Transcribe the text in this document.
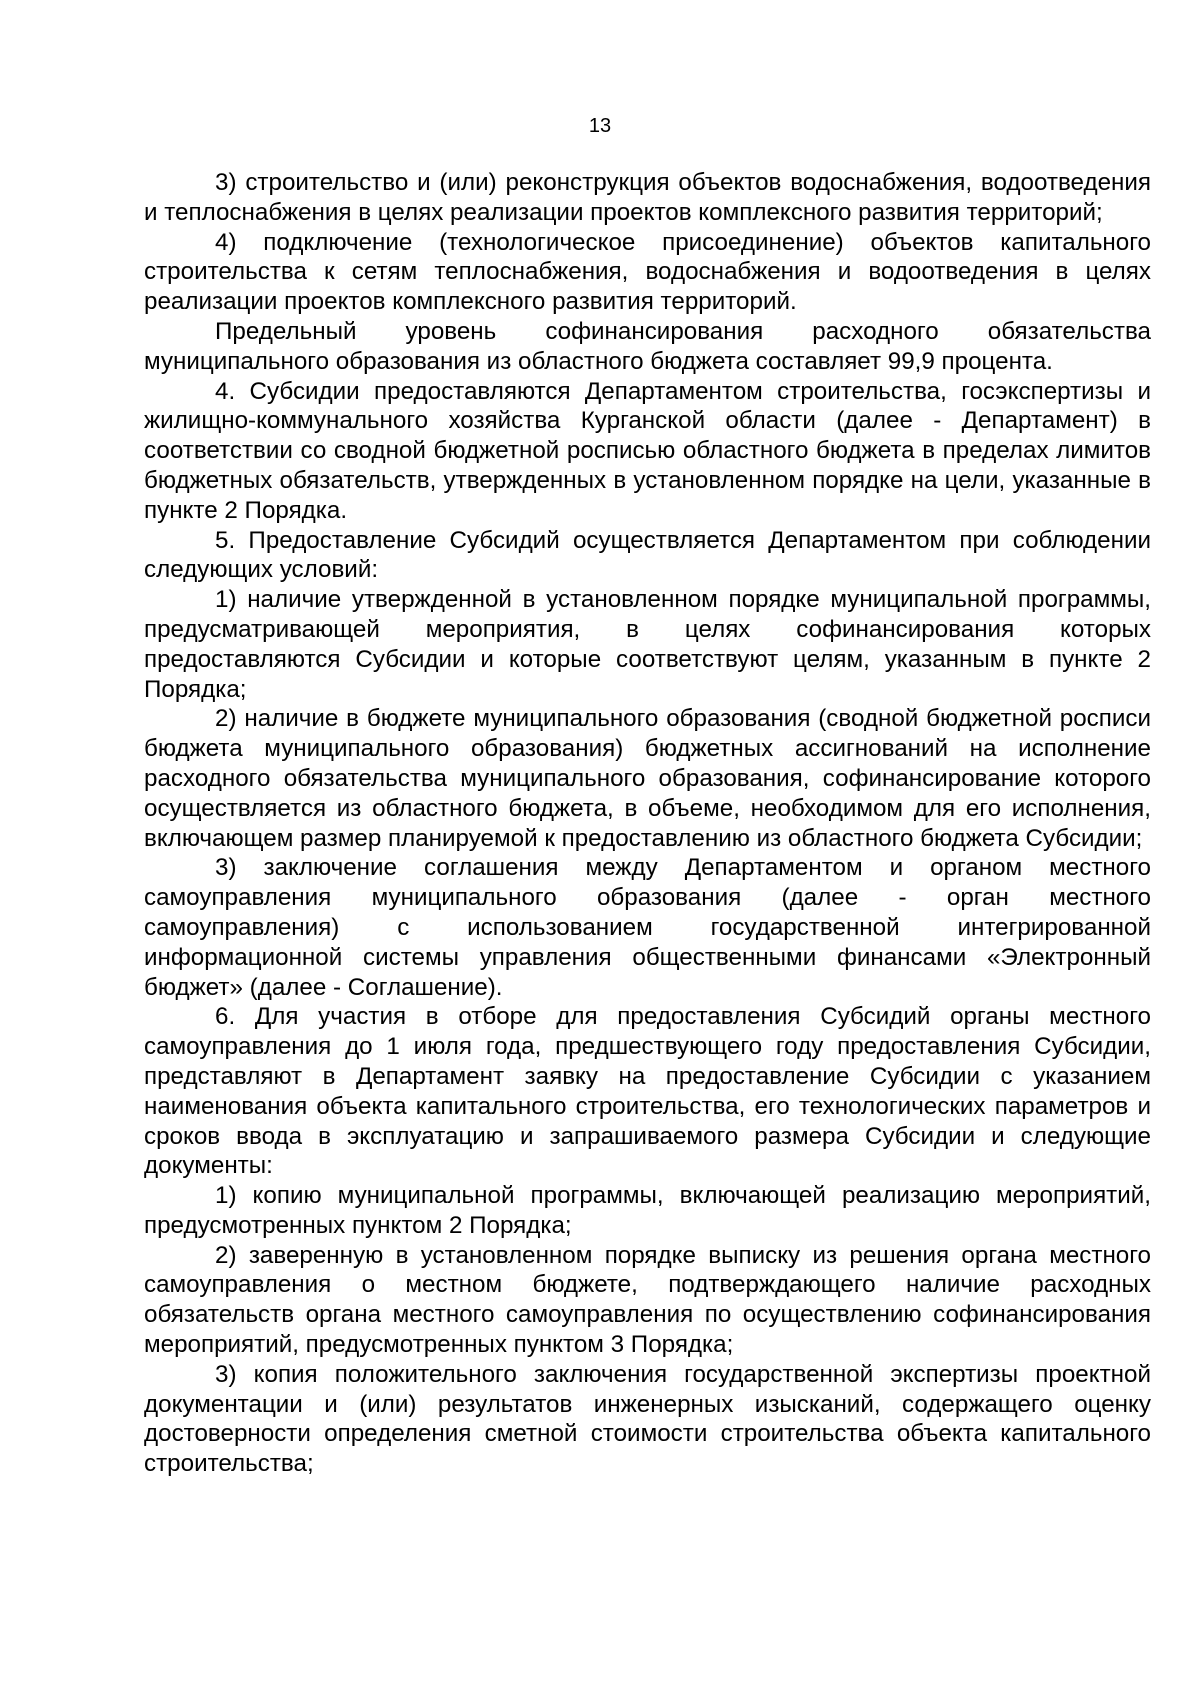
13

3) строительство и (или) реконструкция объектов водоснабжения, водоотведения и теплоснабжения в целях реализации проектов комплексного развития территорий;

4) подключение (технологическое присоединение) объектов капитального строительства к сетям теплоснабжения, водоснабжения и водоотведения в целях реализации проектов комплексного развития территорий.

Предельный уровень софинансирования расходного обязательства муниципального образования из областного бюджета составляет 99,9 процента.

4. Субсидии предоставляются Департаментом строительства, госэкспертизы и жилищно-коммунального хозяйства Курганской области (далее - Департамент) в соответствии со сводной бюджетной росписью областного бюджета в пределах лимитов бюджетных обязательств, утвержденных в установленном порядке на цели, указанные в пункте 2 Порядка.

5. Предоставление Субсидий осуществляется Департаментом при соблюдении следующих условий:

1) наличие утвержденной в установленном порядке муниципальной программы, предусматривающей мероприятия, в целях софинансирования которых предоставляются Субсидии и которые соответствуют целям, указанным в пункте 2 Порядка;

2) наличие в бюджете муниципального образования (сводной бюджетной росписи бюджета муниципального образования) бюджетных ассигнований на исполнение расходного обязательства муниципального образования, софинансирование которого осуществляется из областного бюджета, в объеме, необходимом для его исполнения, включающем размер планируемой к предоставлению из областного бюджета Субсидии;

3) заключение соглашения между Департаментом и органом местного самоуправления муниципального образования (далее - орган местного самоуправления) с использованием государственной интегрированной информационной системы управления общественными финансами «Электронный бюджет» (далее - Соглашение).

6. Для участия в отборе для предоставления Субсидий органы местного самоуправления до 1 июля года, предшествующего году предоставления Субсидии, представляют в Департамент заявку на предоставление Субсидии с указанием наименования объекта капитального строительства, его технологических параметров и сроков ввода в эксплуатацию и запрашиваемого размера Субсидии и следующие документы:

1) копию муниципальной программы, включающей реализацию мероприятий, предусмотренных пунктом 2 Порядка;

2) заверенную в установленном порядке выписку из решения органа местного самоуправления о местном бюджете, подтверждающего наличие расходных обязательств органа местного самоуправления по осуществлению софинансирования мероприятий, предусмотренных пунктом 3 Порядка;

3) копия положительного заключения государственной экспертизы проектной документации и (или) результатов инженерных изысканий, содержащего оценку достоверности определения сметной стоимости строительства объекта капитального строительства;
